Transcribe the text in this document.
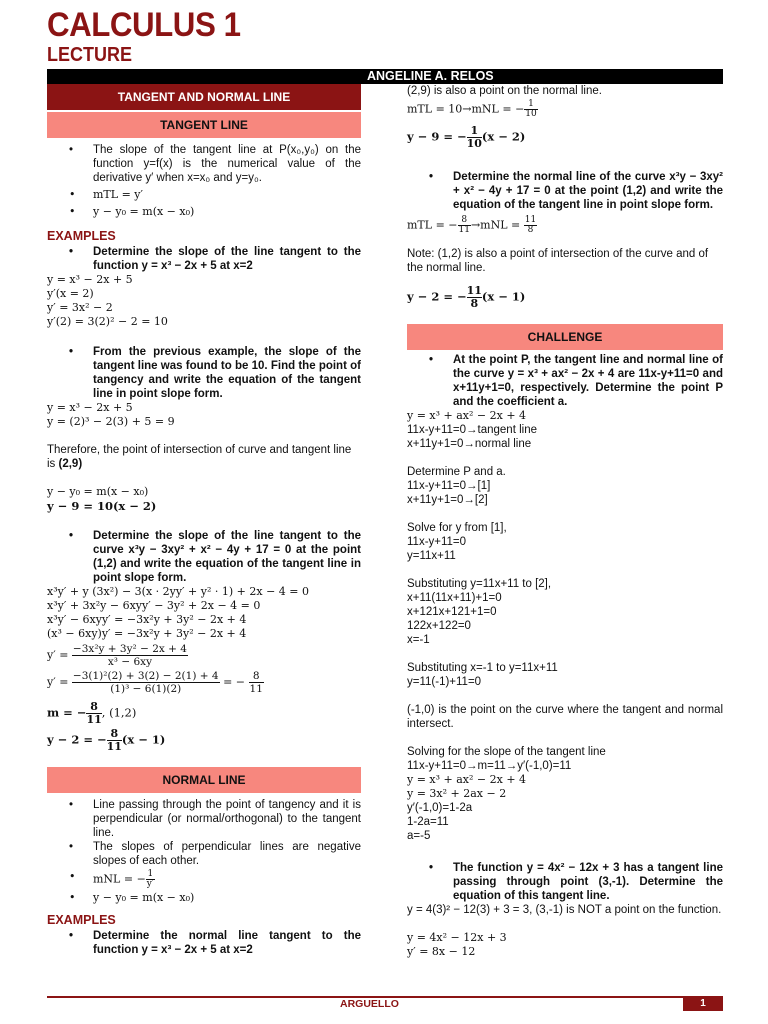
CALCULUS 1
LECTURE
ANGELINE A. RELOS
TANGENT AND NORMAL LINE
TANGENT LINE
• The slope of the tangent line at P(x₀,y₀) on the function y=f(x) is the numerical value of the derivative y′ when x=x₀ and y=y₀.
• mTL = y′
• y − y₀ = m(x − x₀)
EXAMPLES
• Determine the slope of the line tangent to the function y = x³ − 2x + 5 at x=2
y = x³ − 2x + 5
y′(x = 2)
y′ = 3x² − 2
y′(2) = 3(2)² − 2 = 10
• From the previous example, the slope of the tangent line was found to be 10. Find the point of tangency and write the equation of the tangent line in point slope form.
y = x³ − 2x + 5
y = (2)³ − 2(3) + 5 = 9
Therefore, the point of intersection of curve and tangent line is (2,9)
y − y₀ = m(x − x₀)
y − 9 = 10(x − 2)
• Determine the slope of the line tangent to the curve x³y − 3xy² + x² − 4y + 17 = 0 at the point (1,2) and write the equation of the tangent line in point slope form.
x³y′ + y (3x²) − 3(x · 2yy′ + y² · 1) + 2x − 4 = 0
x³y′ + 3x²y − 6xyy′ − 3y² + 2x − 4 = 0
x³y′ − 6xyy′ = −3x²y + 3y² − 2x + 4
(x³ − 6xy)y′ = −3x²y + 3y² − 2x + 4
$y' = \frac{\text{−3x²y + 3y² − 2x + 4}}{\text{x³ − 6xy}}$
$y' = \frac{\text{−3(1)²(2) + 3(2) − 2(1) + 4}}{\text{(1)³ − 6(1)(2)}}$ = − $\frac{8}{11}$
m = − $\frac{8}{11}$ , (1,2)
y − 2 = − $\frac{8}{11} (x - 1)$
NORMAL LINE
• Line passing through the point of tangency and it is perpendicular (or normal/orthogonal) to the tangent line.
• The slopes of perpendicular lines are negative slopes of each other.
• mNL = − $\frac{1}{y'}$
• y − y₀ = m(x − x₀)
EXAMPLES
• Determine the normal line tangent to the function y = x³ − 2x + 5 at x=2
(2,9) is also a point on the normal line.
mTL = 10→mNL = − $\frac{1}{10}$
y − 9 = − $\frac{1}{10} (x - 2)$
• Determine the normal line of the curve x³y − 3xy² + x² − 4y + 17 = 0 at the point (1,2) and write the equation of the tangent line in point slope form.
mTL = − $\frac{8}{11} \to mNL = \frac{11}{8}$
Note: (1,2) is also a point of intersection of the curve and of the normal line.
y − 2 = − $\frac{11}{8} (x - 1)$
CHALLENGE
• At the point P, the tangent line and normal line of the curve y = x³ + ax² − 2x + 4 are 11x-y+11=0 and x+11y+1=0, respectively. Determine the point P and the coefficient a.
y = x³ + ax² − 2x + 4
11x-y+11=0→tangent line
x+11y+1=0→normal line
Determine P and a.
11x-y+11=0→[1]
x+11y+1=0→[2]
Solve for y from [1],
11x-y+11=0
y=11x+11
Substituting y=11x+11 to [2],
x+11(11x+11)+1=0
x+121x+121+1=0
122x+122=0
x=-1
Substituting x=-1 to y=11x+11
y=11(-1)+11=0
(-1,0) is the point on the curve where the tangent and normal intersect.
Solving for the slope of the tangent line
11x-y+11=0→m=11→y′(-1,0)=11
y = x³ + ax² − 2x + 4
y = 3x² + 2ax − 2
y′(-1,0)=1-2a
1-2a=11
a=-5
• The function y = 4x² − 12x + 3 has a tangent line passing through point (3,-1). Determine the equation of this tangent line.
y = 4(3)² − 12(3) + 3 = 3, (3,-1) is NOT a point on the function.
y = 4x² − 12x + 3
y′ = 8x − 12
ARGUELLO	1
